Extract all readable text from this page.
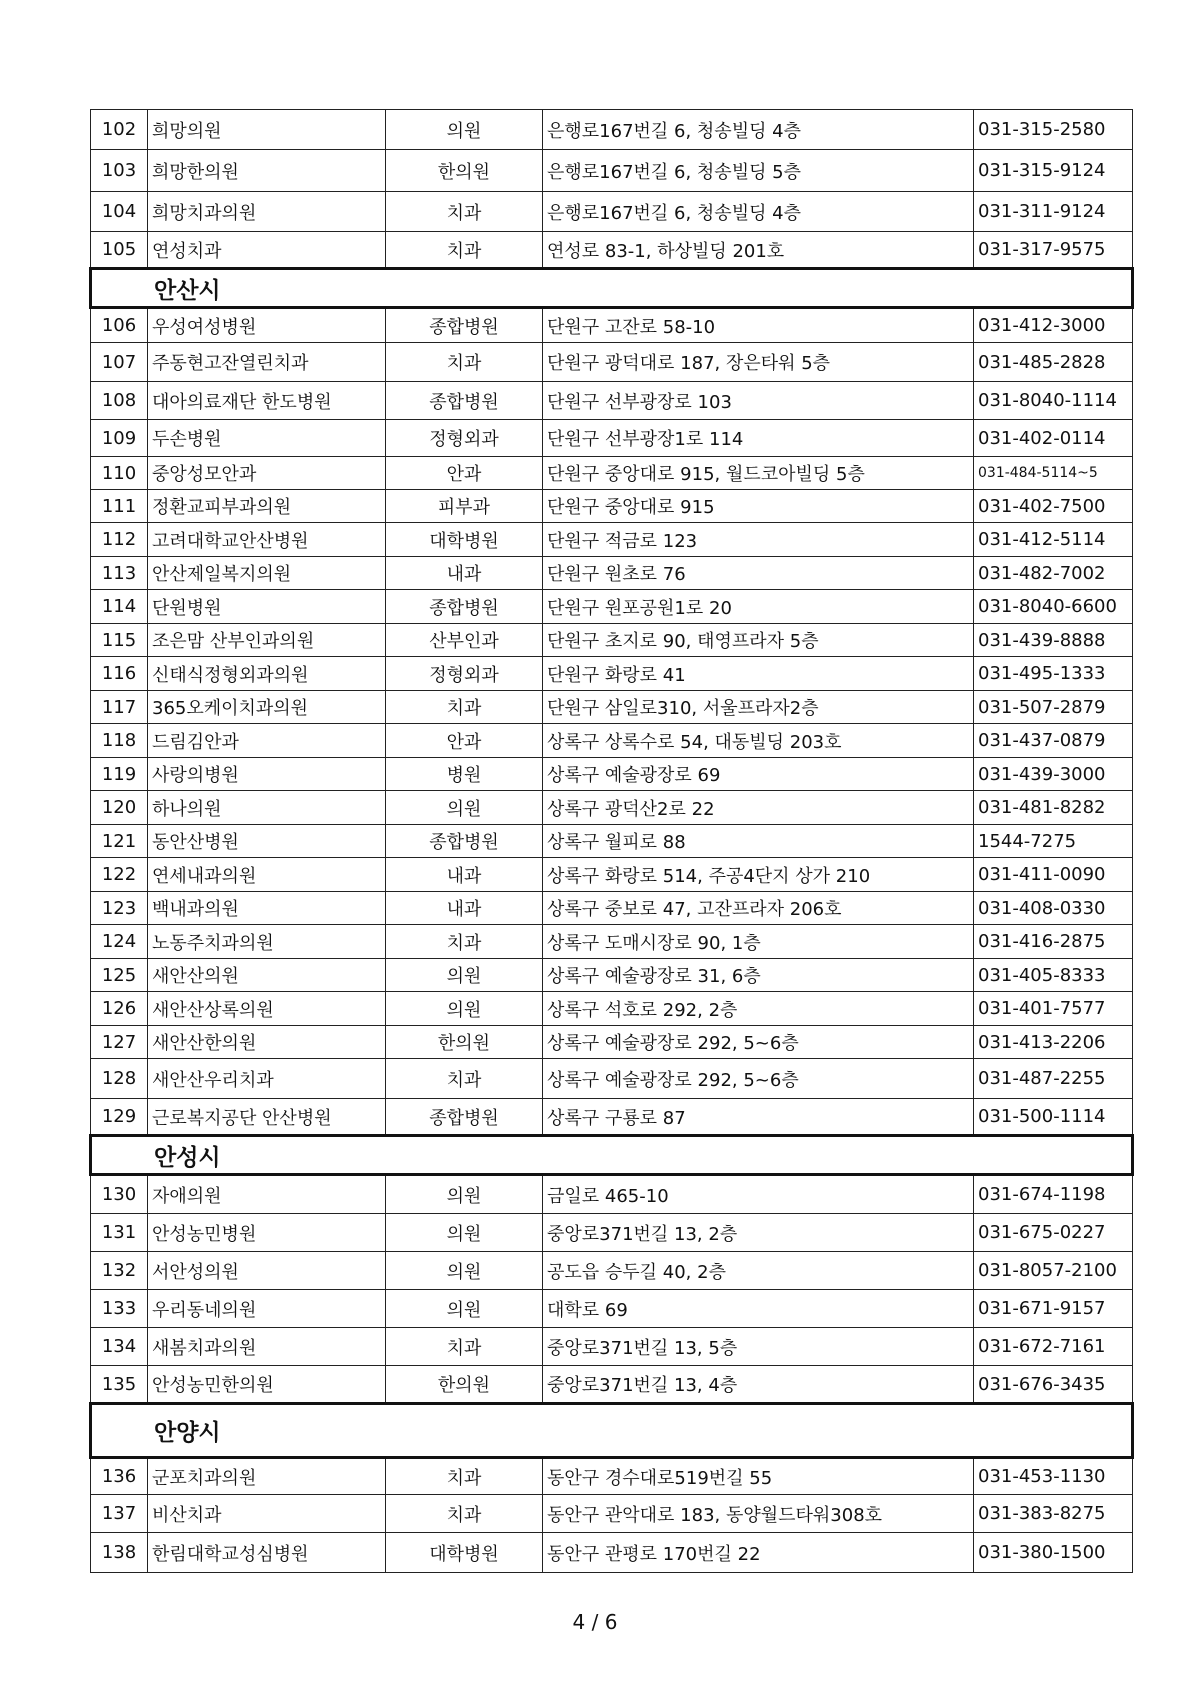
102	희망의원	의원	은행로167번길 6, 청송빌딩 4층	031-315-2580
103	희망한의원	한의원	은행로167번길 6, 청송빌딩 5층	031-315-9124
104	희망치과의원	치과	은행로167번길 6, 청송빌딩 4층	031-311-9124
105	연성치과	치과	연성로 83-1, 하상빌딩 201호	031-317-9575
안산시				
106	우성여성병원	종합병원	단원구 고잔로 58-10	031-412-3000
107	주동현고잔열린치과	치과	단원구 광덕대로 187, 장은타워 5층	031-485-2828
108	대아의료재단 한도병원	종합병원	단원구 선부광장로 103	031-8040-1114
109	두손병원	정형외과	단원구 선부광장1로 114	031-402-0114
110	중앙성모안과	안과	단원구 중앙대로 915, 월드코아빌딩 5층	031-484-5114~5
111	정환교피부과의원	피부과	단원구 중앙대로 915	031-402-7500
112	고려대학교안산병원	대학병원	단원구 적금로 123	031-412-5114
113	안산제일복지의원	내과	단원구 원초로 76	031-482-7002
114	단원병원	종합병원	단원구 원포공원1로 20	031-8040-6600
115	조은맘 산부인과의원	산부인과	단원구 초지로 90, 태영프라자 5층	031-439-8888
116	신태식정형외과의원	정형외과	단원구 화랑로 41	031-495-1333
117	365오케이치과의원	치과	단원구 삼일로310, 서울프라자2층	031-507-2879
118	드림김안과	안과	상록구 상록수로 54, 대동빌딩 203호	031-437-0879
119	사랑의병원	병원	상록구 예술광장로 69	031-439-3000
120	하나의원	의원	상록구 광덕산2로 22	031-481-8282
121	동안산병원	종합병원	상록구 월피로 88	1544-7275
122	연세내과의원	내과	상록구 화랑로 514, 주공4단지 상가 210	031-411-0090
123	백내과의원	내과	상록구 중보로 47, 고잔프라자 206호	031-408-0330
124	노동주치과의원	치과	상록구 도매시장로 90, 1층	031-416-2875
125	새안산의원	의원	상록구 예술광장로 31, 6층	031-405-8333
126	새안산상록의원	의원	상록구 석호로 292, 2층	031-401-7577
127	새안산한의원	한의원	상록구 예술광장로 292, 5~6층	031-413-2206
128	새안산우리치과	치과	상록구 예술광장로 292, 5~6층	031-487-2255
129	근로복지공단 안산병원	종합병원	상록구 구룡로 87	031-500-1114
안성시				
130	자애의원	의원	금일로 465-10	031-674-1198
131	안성농민병원	의원	중앙로371번길 13, 2층	031-675-0227
132	서안성의원	의원	공도읍 승두길 40, 2층	031-8057-2100
133	우리동네의원	의원	대학로 69	031-671-9157
134	새봄치과의원	치과	중앙로371번길 13, 5층	031-672-7161
135	안성농민한의원	한의원	중앙로371번길 13, 4층	031-676-3435
안양시				
136	군포치과의원	치과	동안구 경수대로519번길 55	031-453-1130
137	비산치과	치과	동안구 관악대로 183, 동양월드타워308호	031-383-8275
138	한림대학교성심병원	대학병원	동안구 관평로 170번길 22	031-380-1500
4 / 6
